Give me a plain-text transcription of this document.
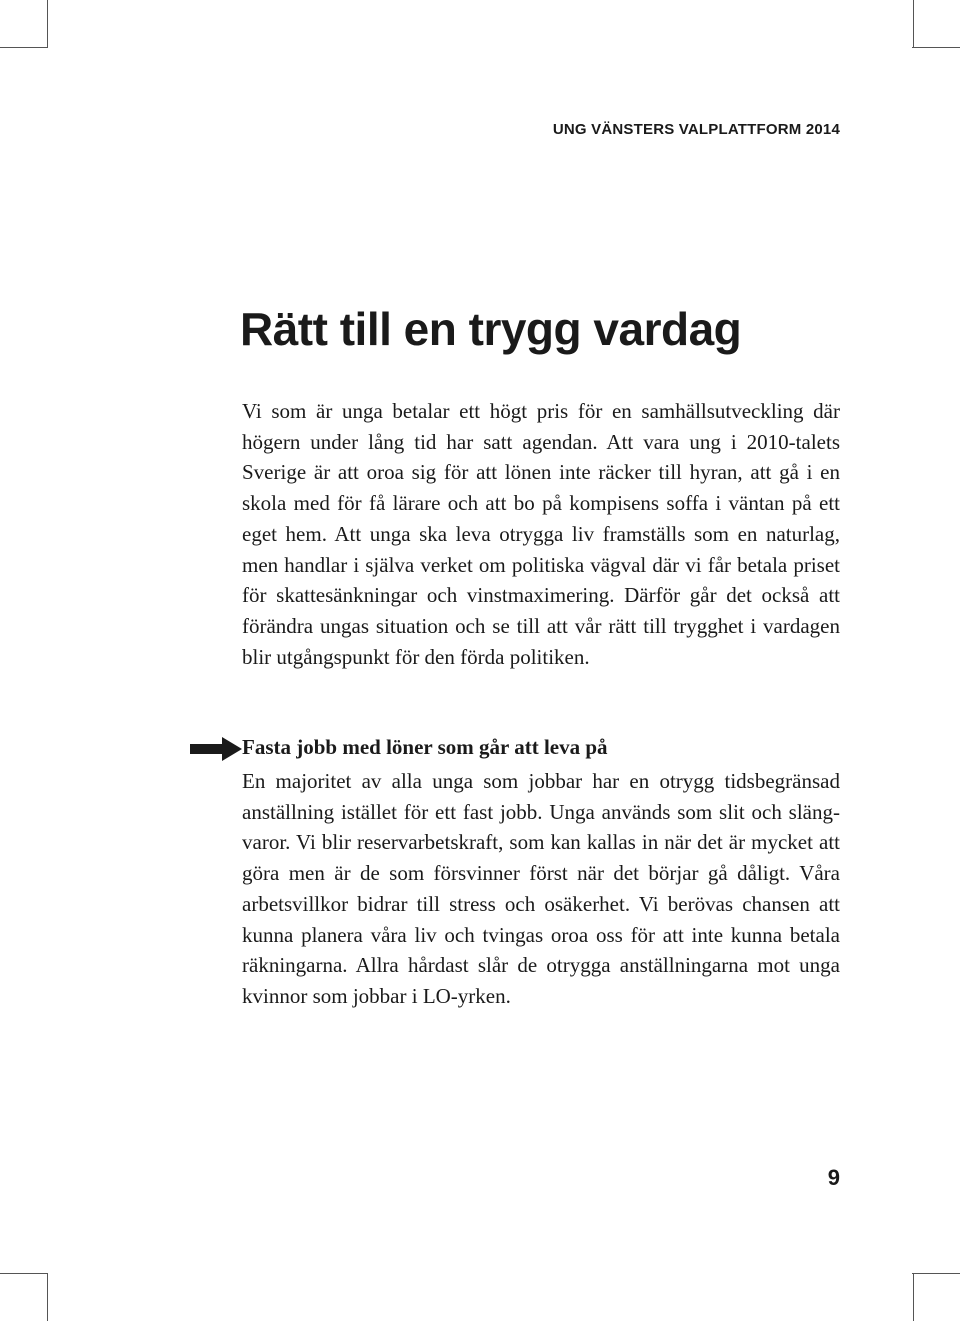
UNG VÄNSTERS VALPLATTFORM 2014
Rätt till en trygg vardag

Vi som är unga betalar ett högt pris för en samhällsutveckling där högern under lång tid har satt agendan. Att vara ung i 2010-talets Sverige är att oroa sig för att lönen inte räcker till hyran, att gå i en skola med för få lärare och att bo på kompisens soffa i väntan på ett eget hem. Att unga ska leva otrygga liv framställs som en naturlag, men handlar i själva verket om politiska vägval där vi får betala priset för skattesänkningar och vinstmaximering. Därför går det också att förändra ungas situation och se till att vår rätt till trygghet i vardagen blir utgångspunkt för den förda politiken.

Fasta jobb med löner som går att leva på

En majoritet av alla unga som jobbar har en otrygg tidsbegränsad anställning istället för ett fast jobb. Unga används som slit och släng-varor. Vi blir reservarbetskraft, som kan kallas in när det är mycket att göra men är de som försvinner först när det börjar gå dåligt. Våra arbetsvillkor bidrar till stress och osäkerhet. Vi berövas chansen att kunna planera våra liv och tvingas oroa oss för att inte kunna betala räkningarna. Allra hårdast slår de otrygga anställningarna mot unga kvinnor som jobbar i LO-yrken.

9
